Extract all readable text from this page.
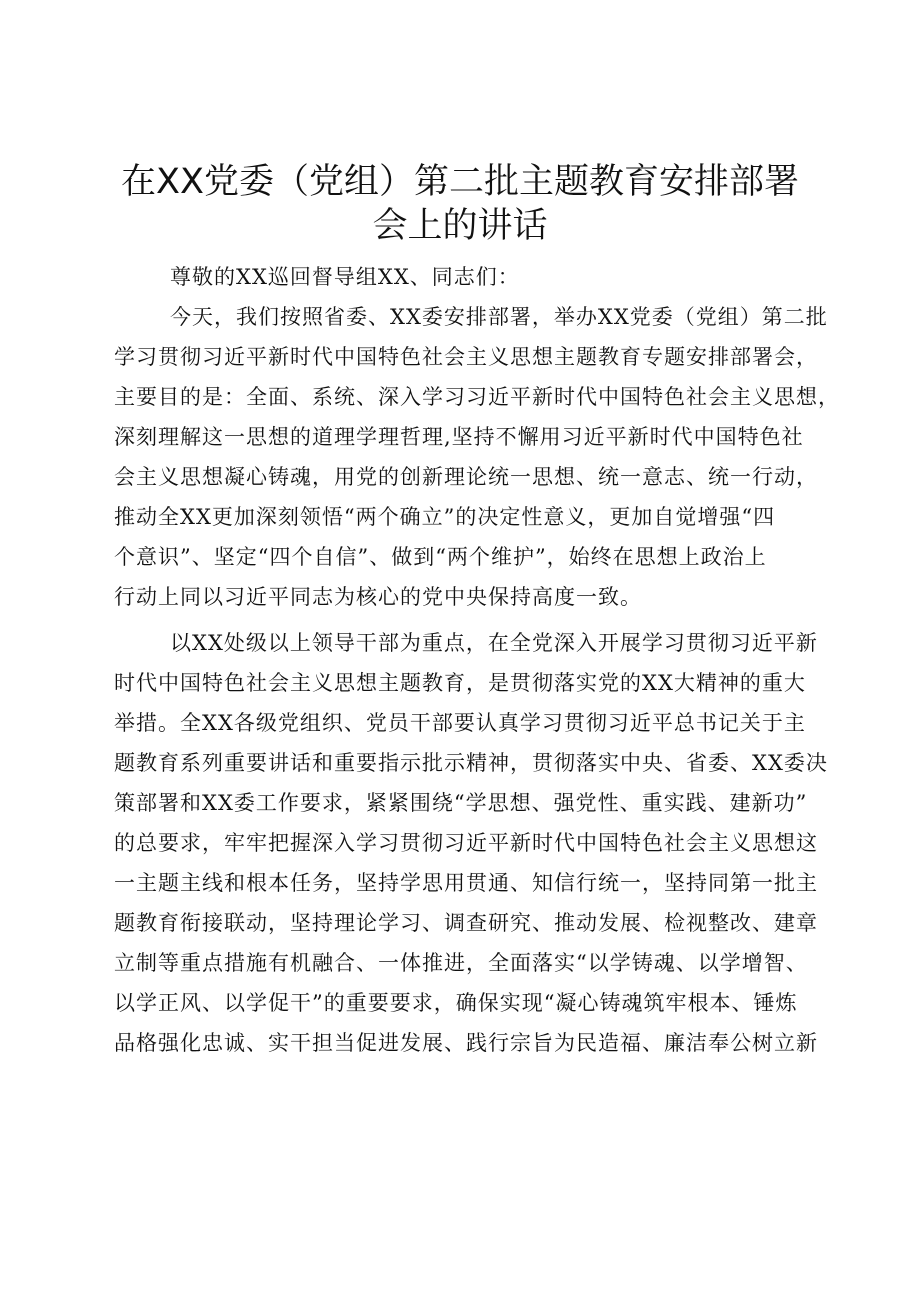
在XX党委（党组）第二批主题教育安排部署
会上的讲话
尊敬的XX巡回督导组XX、同志们：
今天，我们按照省委、XX委安排部署，举办XX党委（党组）第二批
学习贯彻习近平新时代中国特色社会主义思想主题教育专题安排部署会，
主要目的是：全面、系统、深入学习习近平新时代中国特色社会主义思想，
深刻理解这一思想的道理学理哲理,坚持不懈用习近平新时代中国特色社
会主义思想凝心铸魂，用党的创新理论统一思想、统一意志、统一行动，
推动全XX更加深刻领悟“两个确立”的决定性意义，更加自觉增强“四
个意识”、坚定“四个自信”、做到“两个维护”，始终在思想上政治上
行动上同以习近平同志为核心的党中央保持高度一致。
以XX处级以上领导干部为重点，在全党深入开展学习贯彻习近平新
时代中国特色社会主义思想主题教育，是贯彻落实党的XX大精神的重大
举措。全XX各级党组织、党员干部要认真学习贯彻习近平总书记关于主
题教育系列重要讲话和重要指示批示精神，贯彻落实中央、省委、XX委决
策部署和XX委工作要求，紧紧围绕“学思想、强党性、重实践、建新功”
的总要求，牢牢把握深入学习贯彻习近平新时代中国特色社会主义思想这
一主题主线和根本任务，坚持学思用贯通、知信行统一，坚持同第一批主
题教育衔接联动，坚持理论学习、调查研究、推动发展、检视整改、建章
立制等重点措施有机融合、一体推进，全面落实“以学铸魂、以学增智、
以学正风、以学促干”的重要要求，确保实现“凝心铸魂筑牢根本、锤炼
品格强化忠诚、实干担当促进发展、践行宗旨为民造福、廉洁奉公树立新
